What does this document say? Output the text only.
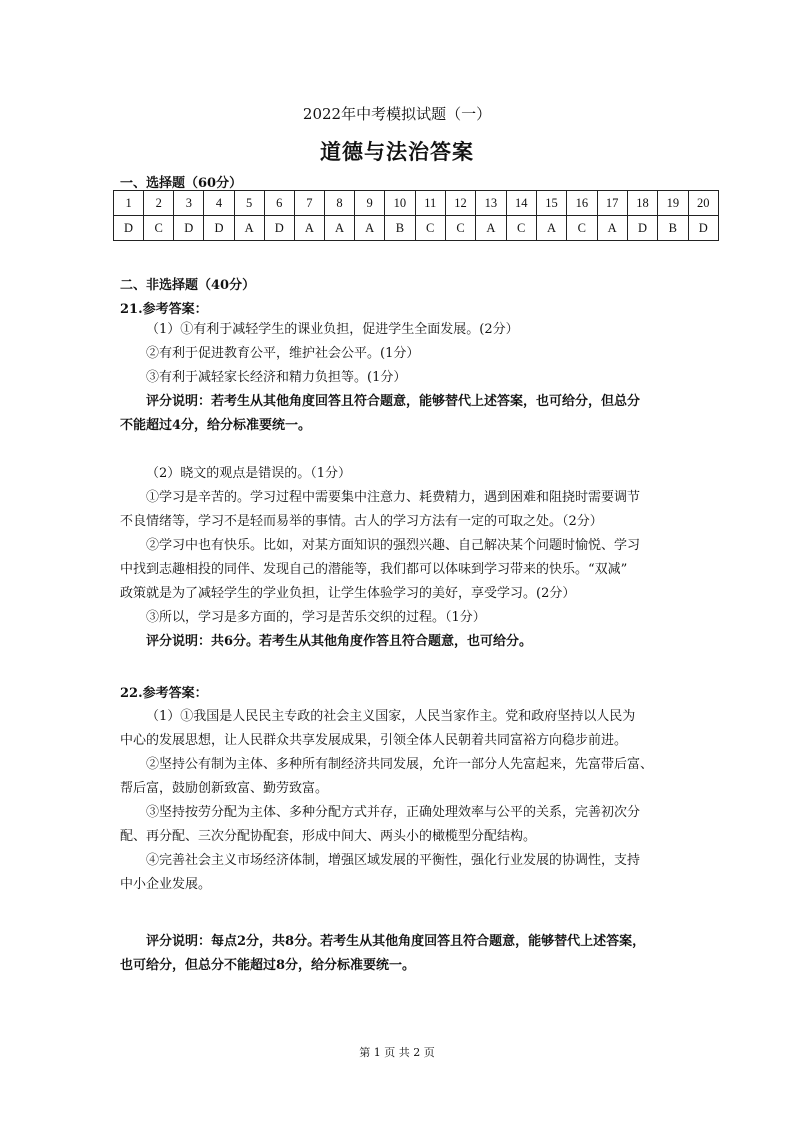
2022年中考模拟试题（一）
道德与法治答案
一、选择题（60分）
1	2	3	4	5	6	7	8	9	10	11	12	13	14	15	16	17	18	19	20
D	C	D	D	A	D	A	A	A	B	C	C	A	C	A	C	A	D	B	D
二、非选择题（40分）
21.参考答案：

（1）①有利于减轻学生的课业负担，促进学生全面发展。(2分）

②有利于促进教育公平，维护社会公平。(1分）

③有利于减轻家长经济和精力负担等。(1分）

评分说明：若考生从其他角度回答且符合题意，能够替代上述答案，也可给分，但总分

不能超过4分，给分标准要统一。

（2）晓文的观点是错误的。（1分）

①学习是辛苦的。学习过程中需要集中注意力、耗费精力，遇到困难和阻挠时需要调节

不良情绪等，学习不是轻而易举的事情。古人的学习方法有一定的可取之处。（2分）

②学习中也有快乐。比如，对某方面知识的强烈兴趣、自己解决某个问题时愉悦、学习

中找到志趣相投的同伴、发现自己的潜能等，我们都可以体味到学习带来的快乐。“双减”

政策就是为了减轻学生的学业负担，让学生体验学习的美好，享受学习。(2分）

③所以，学习是多方面的，学习是苦乐交织的过程。（1分）

评分说明：共6分。若考生从其他角度作答且符合题意，也可给分。

22.参考答案：

（1）①我国是人民民主专政的社会主义国家，人民当家作主。党和政府坚持以人民为

中心的发展思想，让人民群众共享发展成果，引领全体人民朝着共同富裕方向稳步前进。

②坚持公有制为主体、多种所有制经济共同发展，允许一部分人先富起来，先富带后富、

帮后富，鼓励创新致富、勤劳致富。

③坚持按劳分配为主体、多种分配方式并存，正确处理效率与公平的关系，完善初次分

配、再分配、三次分配协配套，形成中间大、两头小的橄榄型分配结构。

④完善社会主义市场经济体制，增强区域发展的平衡性，强化行业发展的协调性，支持

中小企业发展。

评分说明：每点2分，共8分。若考生从其他角度回答且符合题意，能够替代上述答案，

也可给分，但总分不能超过8分，给分标准要统一。

第 1 页 共 2 页
